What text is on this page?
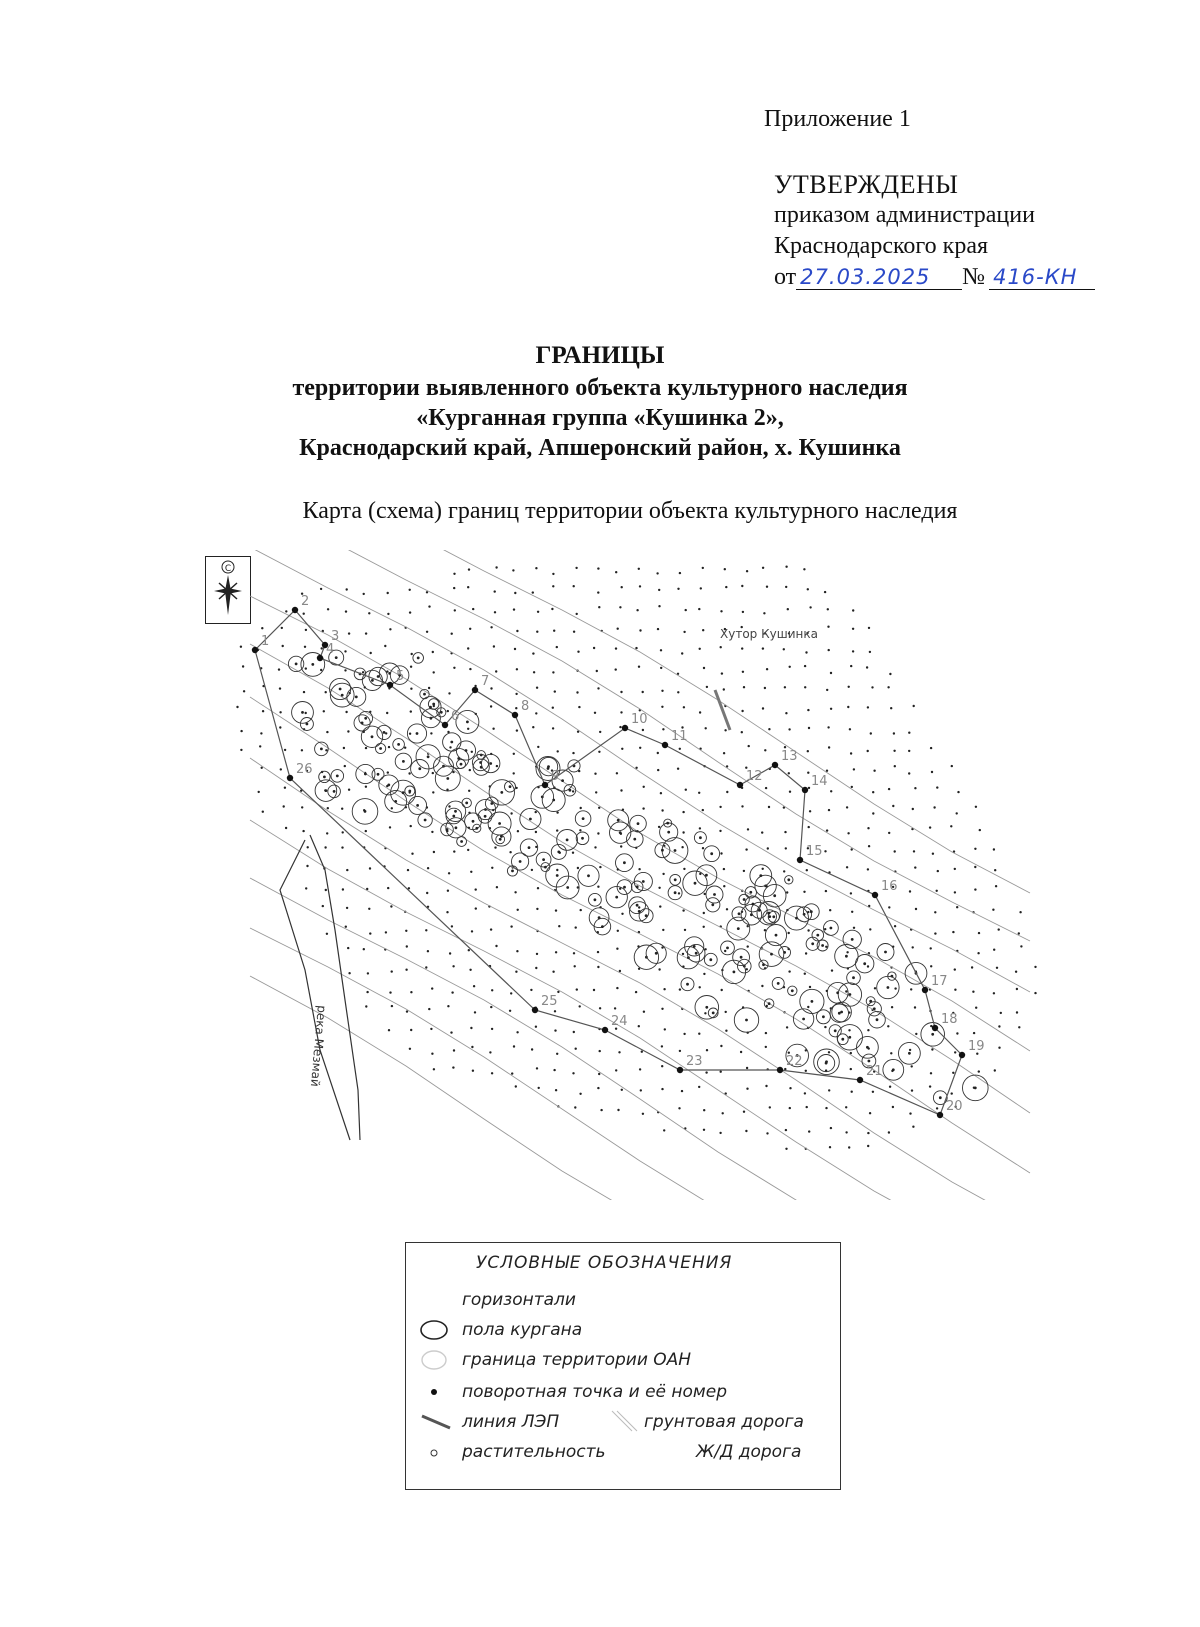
Приложение 1
УТВЕРЖДЕНЫ
приказом администрации
Краснодарского края
от 27.03.2025	№ 416-КН
ГРАНИЦЫ
территории выявленного объекта культурного наследия
«Курганная группа «Кушинка 2»,
Краснодарский край, Апшеронский район, х. Кушинка
Карта (схема) границ территории объекта культурного наследия
С
река Мезмай
Хутор Кушинка
1
2
3
4
5
6
7
8
9
10
11
12
13
14
15
16
17
18
19
20
21
22
23
24
25
26
УСЛОВНЫЕ ОБОЗНАЧЕНИЯ
горизонтали
пола кургана
граница территории ОАН
поворотная точка и её номер
линия ЛЭП	грунтовая дорога
растительность	Ж/Д дорога
